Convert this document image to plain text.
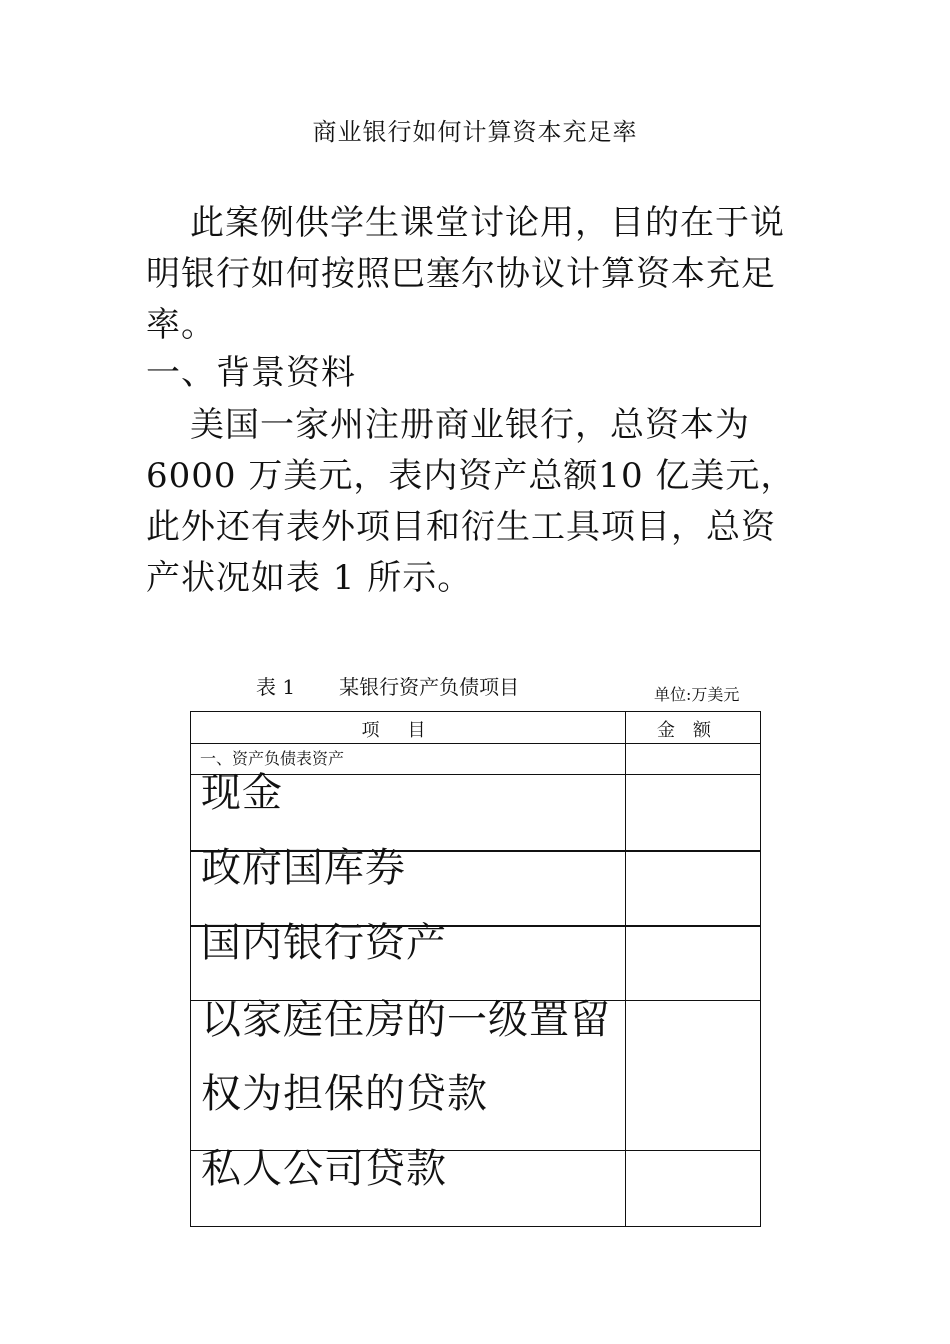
商业银行如何计算资本充足率
此案例供学生课堂讨论用，目的在于说明银行如何按照巴塞尔协议计算资本充足率。
一、背景资料
美国一家州注册商业银行，总资本为6000 万美元，表内资产总额10 亿美元，此外还有表外项目和衍生工具项目，总资产状况如表 1 所示。
表 1 某银行资产负债项目	单位:万美元
项目	金额
一、资产负债表资产
现金
政府国库券
国内银行资产
以家庭住房的一级置留
权为担保的贷款
私人公司贷款
